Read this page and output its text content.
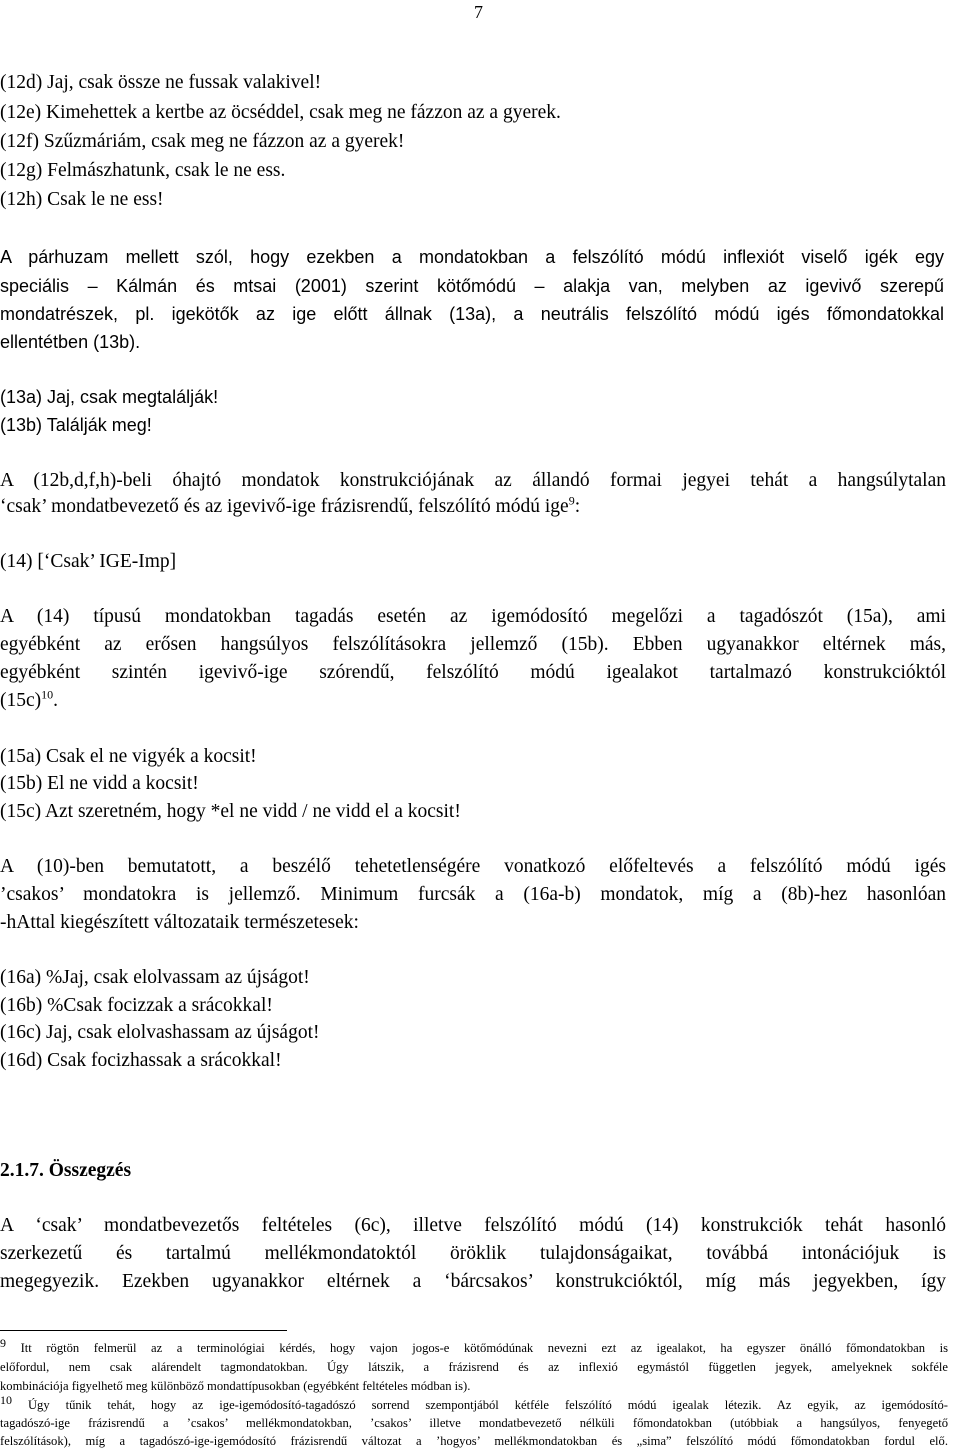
7
(12d) Jaj, csak össze ne fussak valakivel!
(12e) Kimehettek a kertbe az öcséddel, csak meg ne fázzon az a gyerek.
(12f) Szűzmáriám, csak meg ne fázzon az a gyerek!
(12g) Felmászhatunk, csak le ne ess.
(12h) Csak le ne ess!
A párhuzam mellett szól, hogy ezekben a mondatokban a felszólító módú inflexiót viselő igék egy
speciális – Kálmán és mtsai (2001) szerint kötőmódú – alakja van, melyben az igevivő szerepű
mondatrészek, pl. igekötők az ige előtt állnak (13a), a neutrális felszólító módú igés főmondatokkal
ellentétben (13b).
(13a) Jaj, csak megtalálják!
(13b) Találják meg!
A (12b,d,f,h)-beli óhajtó mondatok konstrukciójának az állandó formai jegyei tehát a hangsúlytalan
‘csak’ mondatbevezető és az igevivő-ige frázisrendű, felszólító módú ige$^9$:
(14) [‘Csak’ IGE-Imp]
A (14) típusú mondatokban tagadás esetén az igemódosító megelőzi a tagadószót (15a), ami
egyébként az erősen hangsúlyos felszólításokra jellemző (15b). Ebben ugyanakkor eltérnek más,
egyébként szintén igevivő-ige szórendű, felszólító módú igealakot tartalmazó konstrukcióktól
$(15c)^{10}$.
(15a) Csak el ne vigyék a kocsit!
(15b) El ne vidd a kocsit!
(15c) Azt szeretném, hogy *el ne vidd / ne vidd el a kocsit!
A (10)-ben bemutatott, a beszélő tehetetlenségére vonatkozó előfeltevés a felszólító módú igés
’csakos’ mondatokra is jellemző. Minimum furcsák a (16a-b) mondatok, míg a (8b)-hez hasonlóan
-hAttal kiegészített változataik természetesek:
(16a) %Jaj, csak elolvassam az újságot!
(16b) %Csak focizzak a srácokkal!
(16c) Jaj, csak elolvashassam az újságot!
(16d) Csak focizhassak a srácokkal!
2.1.7. Összegzés
A ‘csak’ mondatbevezetős feltételes (6c), illetve felszólító módú (14) konstrukciók tehát hasonló
szerkezetű és tartalmú mellékmondatoktól öröklik tulajdonságaikat, továbbá intonációjuk is
megegyezik. Ezekben ugyanakkor eltérnek a ‘bárcsakos’ konstrukcióktól, míg más jegyekben, így
$^9$ Itt rögtön felmerül az a terminológiai kérdés, hogy vajon jogos-e kötőmódúnak nevezni ezt az igealakot, ha egyszer önálló főmondatokban is
előfordul, nem csak alárendelt tagmondatokban. Úgy látszik, a frázisrend és az inflexió egymástól független jegyek, amelyeknek sokféle
kombinációja figyelhető meg különböző mondattípusokban (egyébként feltételes módban is).
$^{10}$ Úgy tűnik tehát, hogy az ige-igemódosító-tagadószó sorrend szempontjából kétféle felszólító módú igealak létezik. Az egyik, az igemódosító-
tagadószó-ige frázisrendű a ’csakos’ mellékmondatokban, ’csakos’ illetve mondatbevezető nélküli főmondatokban (utóbbiak a hangsúlyos, fenyegető
felszólítások), míg a tagadószó-ige-igemódosító frázisrendű változat a ’hogyos’ mellékmondatokban és „sima” felszólító módú főmondatokban fordul elő.
